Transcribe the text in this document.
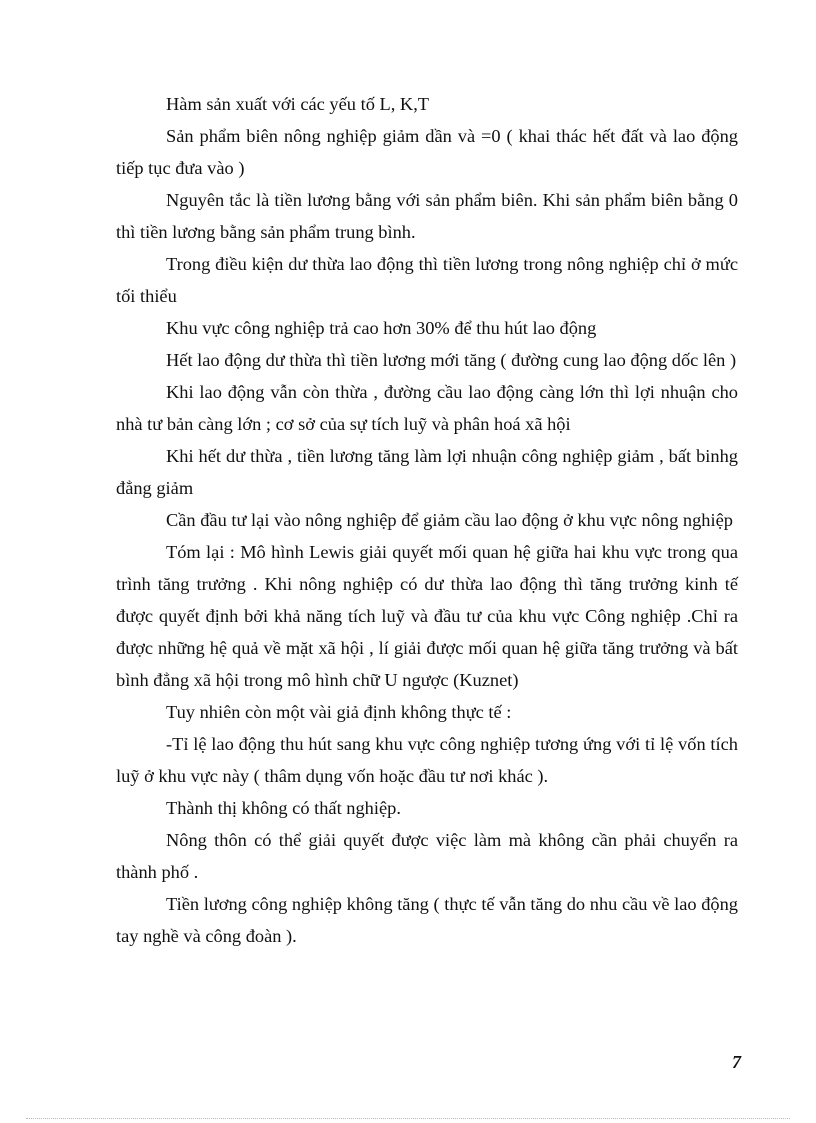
Hàm sản xuất với các yếu tố L, K,T

Sản phẩm biên nông nghiệp giảm dần và =0 ( khai thác hết đất và lao động tiếp tục đưa vào )

Nguyên tắc là tiền lương bằng với sản phẩm biên. Khi sản phẩm biên bằng 0 thì tiền lương bằng sản phẩm trung bình.

Trong điều kiện dư thừa lao động thì tiền lương trong nông nghiệp chỉ ở mức tối thiểu

Khu vực công nghiệp trả cao hơn 30% để thu hút lao động

Hết lao động dư thừa thì tiền lương mới tăng ( đường cung lao động dốc lên )

Khi lao động vẫn còn thừa , đường cầu lao động càng lớn thì lợi nhuận cho nhà tư bản càng lớn ; cơ sở của sự tích luỹ và phân hoá xã hội

Khi hết dư thừa , tiền lương tăng làm lợi nhuận công nghiệp giảm , bất binhg đẳng giảm

Cần đầu tư lại vào nông nghiệp để giảm cầu lao động ở khu vực nông nghiệp

Tóm lại : Mô hình Lewis giải quyết mối quan hệ giữa hai khu vực trong qua trình tăng trưởng . Khi nông nghiệp có dư thừa lao động thì tăng trưởng kinh tế được quyết định bởi khả năng tích luỹ và đầu tư của khu vực Công nghiệp .Chỉ ra được những hệ quả về mặt xã hội , lí giải được mối quan hệ giữa tăng trưởng và bất bình đẳng xã hội trong mô hình chữ U ngược (Kuznet)

Tuy nhiên còn một vài giả định không thực tế :

-Tỉ lệ lao động thu hút sang khu vực công nghiệp tương ứng với tỉ lệ vốn tích luỹ ở khu vực này ( thâm dụng vốn hoặc đầu tư nơi khác ).

Thành thị không có thất nghiệp.

Nông thôn có thể giải quyết được việc làm mà không cần phải chuyển ra thành phố .

Tiền lương công nghiệp không tăng ( thực tế vẫn tăng do nhu cầu về lao động tay nghề và công đoàn ).

7
